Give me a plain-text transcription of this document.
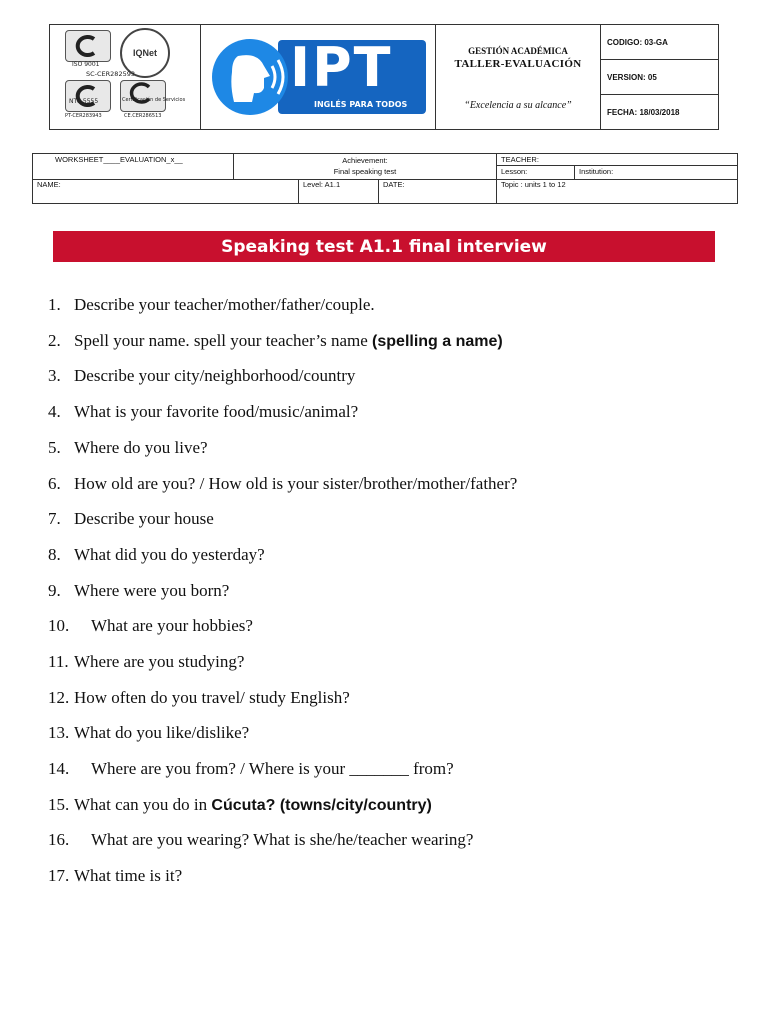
ISO 9001
IQNet
SC-CER282593
NTC 5555	Certificación de Servicios
PT-CER283943	CE.CER286513
IPT
INGLÉS PARA TODOS
GESTIÓN ACADÉMICA
TALLER-EVALUACIÓN
“Excelencia a su alcance”
CODIGO: 03-GA
VERSION: 05
FECHA: 18/03/2018
WORKSHEET____EVALUATION_x__	Achievement:
Final speaking test
TEACHER:
Lesson:	Institution:
NAME:	Level: A1.1	DATE:	Topic : units 1 to 12
Speaking test A1.1 final interview
1. Describe your teacher/mother/father/couple.
2. Spell your name. spell your teacher’s name (spelling a name)
3. Describe your city/neighborhood/country
4. What is your favorite food/music/animal?
5. Where do you live?
6. How old are you? / How old is your sister/brother/mother/father?
7. Describe your house
8. What did you do yesterday?
9. Where were you born?
10. What are your hobbies?
11. Where are you studying?
12. How often do you travel/ study English?
13. What do you like/dislike?
14. Where are you from? / Where is your _______ from?
15. What can you do in Cúcuta? (towns/city/country)
16. What are you wearing? What is she/he/teacher wearing?
17. What time is it?
